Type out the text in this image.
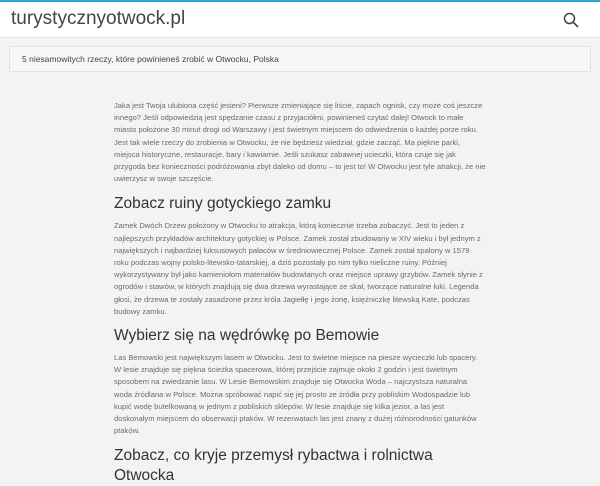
turystycznyotwock.pl
5 niesamowitych rzeczy, które powinieneś zrobić w Otwocku, Polska

Jaka jest Twoja ulubiona część jesieni? Pierwsze zmieniające się liście, zapach ognisk, czy może coś jeszcze innego? Jeśli odpowiedzią jest spędzanie czasu z przyjaciółmi, powinieneś czytać dalej! Otwock to małe miasto położone 30 minut drogi od Warszawy i jest świetnym miejscem do odwiedzenia o każdej porze roku. Jest tak wiele rzeczy do zrobienia w Otwocku, że nie będziesz wiedział, gdzie zacząć. Ma piękne parki, miejsca historyczne, restauracje, bary i kawiarnie. Jeśli szukasz zabawnej ucieczki, która czuje się jak przygoda bez konieczności podróżowania zbyt daleko od domu – to jest to! W Otwocku jest tyle atrakcji, że nie uwierzysz w swoje szczęście.

Zobacz ruiny gotyckiego zamku

Zamek Dwóch Drzew położony w Otwocku to atrakcja, którą koniecznie trzeba zobaczyć. Jest to jeden z najlepszych przykładów architektury gotyckiej w Polsce. Zamek został zbudowany w XIV wieku i był jednym z największych i najbardziej luksusowych pałaców w średniowiecznej Polsce. Zamek został spalony w 1579 roku podczas wojny polsko-litewsko-tatarskiej, a dziś pozostały po nim tylko nieliczne ruiny. Później wykorzystywany był jako kamieniołom materiałów budowlanych oraz miejsce uprawy grzybów. Zamek słynie z ogrodów i stawów, w których znajdują się dwa drzewa wyrastające ze skał, tworzące naturalne łuki. Legenda głosi, że drzewa te zostały zasadzone przez króla Jagiełłę i jego żonę, księżniczkę litewską Kate, podczas budowy zamku.

Wybierz się na wędrówkę po Bemowie

Las Bemowski jest największym lasem w Otwocku. Jest to świetne miejsce na piesze wycieczki lub spacery. W lesie znajduje się piękna ścieżka spacerowa, której przejście zajmuje około 2 godzin i jest świetnym sposobem na zwiedzanie lasu. W Lesie Bemowskim znajduje się Otwocka Woda – najczystsza naturalna woda źródlana w Polsce. Można spróbować napić się jej prosto ze źródła przy pobliskim Wodospadzie lub kupić wodę butelkowaną w jednym z pobliskich sklepów. W lesie znajduje się kilka jezior, a las jest doskonałym miejscem do obserwacji ptaków. W rezerwatach las jest znany z dużej różnorodności gatunków ptaków.

Zobacz, co kryje przemysł rybactwa i rolnictwa Otwocka
